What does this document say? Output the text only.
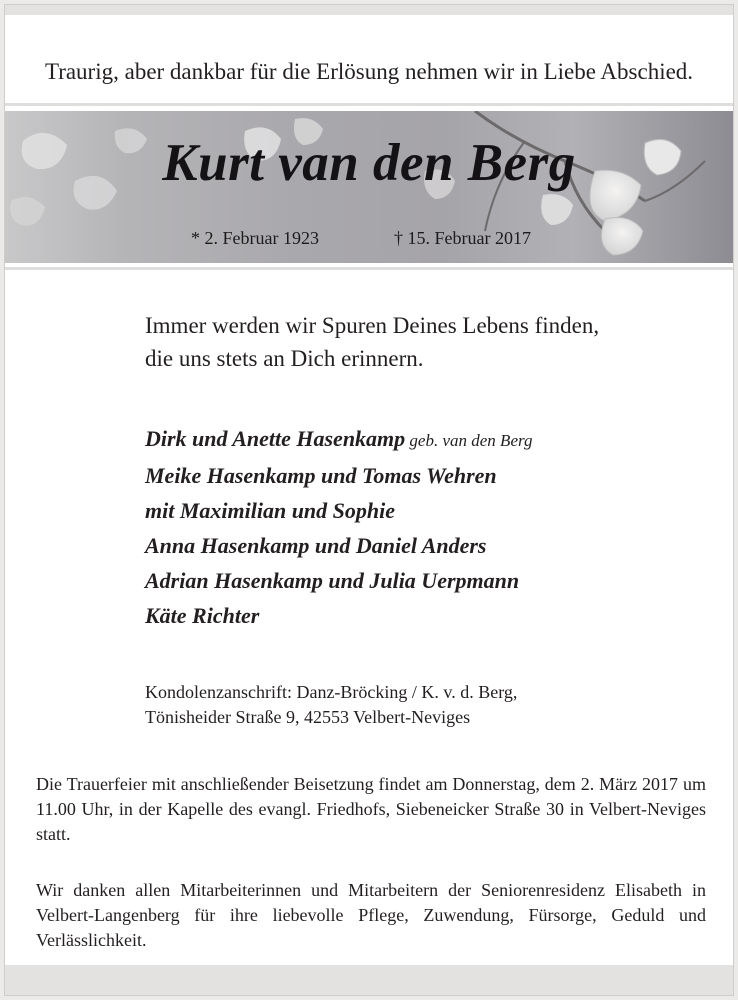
Traurig, aber dankbar für die Erlösung nehmen wir in Liebe Abschied.
Kurt van den Berg
* 2. Februar 1923	† 15. Februar 2017
Immer werden wir Spuren Deines Lebens finden,
die uns stets an Dich erinnern.
Dirk und Anette Hasenkamp geb. van den Berg
Meike Hasenkamp und Tomas Wehren
mit Maximilian und Sophie
Anna Hasenkamp und Daniel Anders
Adrian Hasenkamp und Julia Uerpmann
Käte Richter
Kondolenzanschrift: Danz-Bröcking / K. v. d. Berg,
Tönisheider Straße 9, 42553 Velbert-Neviges
Die Trauerfeier mit anschließender Beisetzung findet am Donnerstag, dem 2. März 2017 um 11.00 Uhr, in der Kapelle des evangl. Friedhofs, Siebeneicker Straße 30 in Velbert-Neviges statt.
Wir danken allen Mitarbeiterinnen und Mitarbeitern der Seniorenresidenz Elisabeth in Velbert-Langenberg für ihre liebevolle Pflege, Zuwendung, Fürsorge, Geduld und Verlässlichkeit.
